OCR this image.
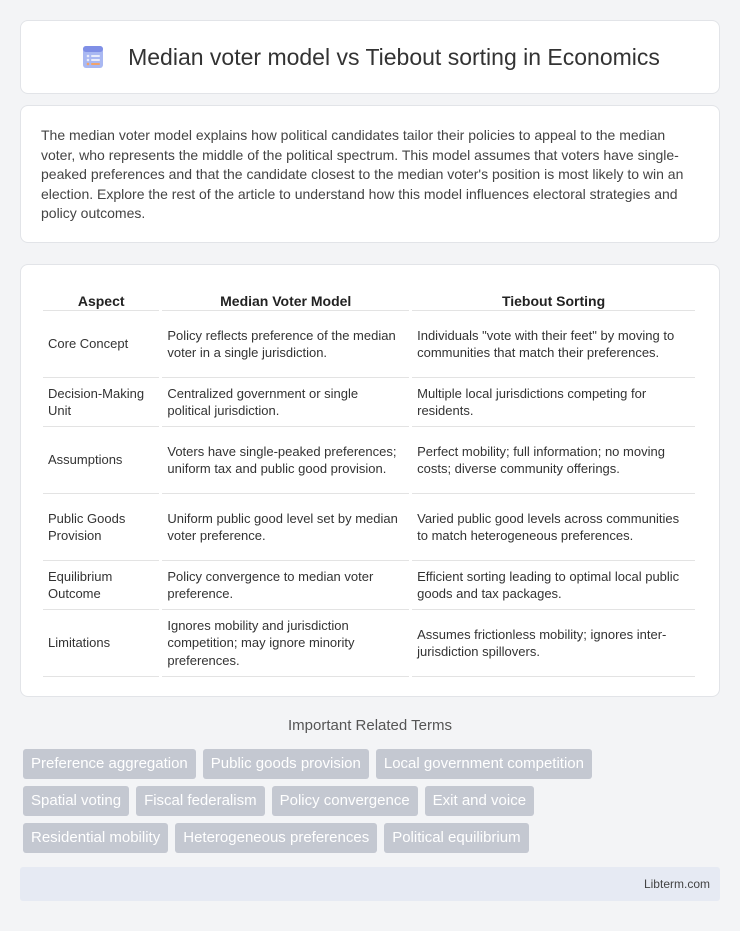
Median voter model vs Tiebout sorting in Economics

The median voter model explains how political candidates tailor their policies to appeal to the median voter, who represents the middle of the political spectrum. This model assumes that voters have single-peaked preferences and that the candidate closest to the median voter's position is most likely to win an election. Explore the rest of the article to understand how this model influences electoral strategies and policy outcomes.

Aspect	Median Voter Model	Tiebout Sorting
Core Concept	Policy reflects preference of the median voter in a single jurisdiction.	Individuals "vote with their feet" by moving to communities that match their preferences.
Decision-Making Unit	Centralized government or single political jurisdiction.	Multiple local jurisdictions competing for residents.
Assumptions	Voters have single-peaked preferences; uniform tax and public good provision.	Perfect mobility; full information; no moving costs; diverse community offerings.
Public Goods Provision	Uniform public good level set by median voter preference.	Varied public good levels across communities to match heterogeneous preferences.
Equilibrium Outcome	Policy convergence to median voter preference.	Efficient sorting leading to optimal local public goods and tax packages.
Limitations	Ignores mobility and jurisdiction competition; may ignore minority preferences.	Assumes frictionless mobility; ignores inter-jurisdiction spillovers.
Important Related Terms
Preference aggregation	Public goods provision	Local government competition
Spatial voting	Fiscal federalism	Policy convergence	Exit and voice
Residential mobility	Heterogeneous preferences	Political equilibrium
Libterm.com
